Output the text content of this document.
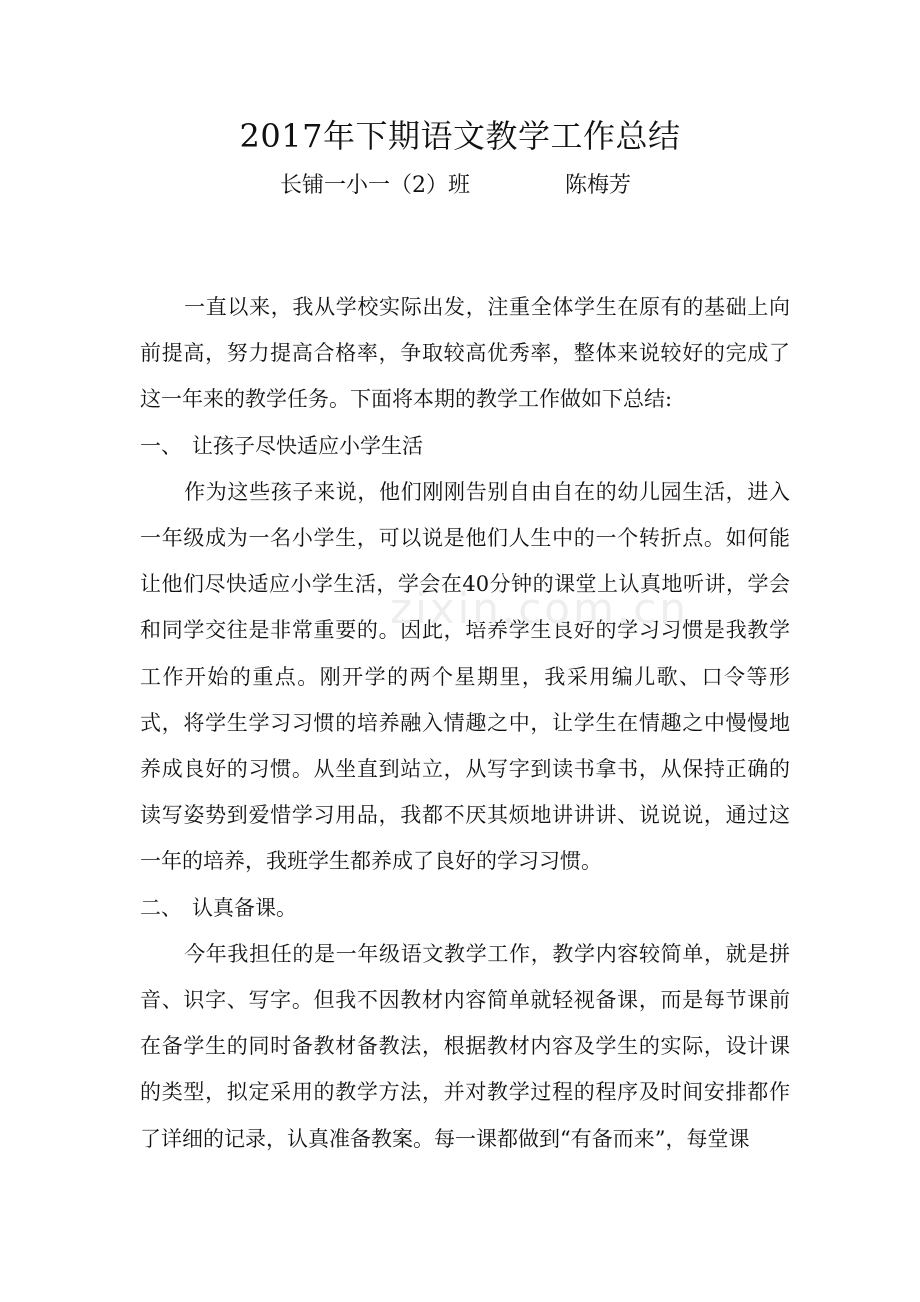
2017年下期语文教学工作总结
长铺一小一（2）班	陈梅芳

一直以来，我从学校实际出发，注重全体学生在原有的基础上向前提高，努力提高合格率，争取较高优秀率，整体来说较好的完成了这一年来的教学任务。下面将本期的教学工作做如下总结:

一、 让孩子尽快适应小学生活

作为这些孩子来说，他们刚刚告别自由自在的幼儿园生活，进入一年级成为一名小学生，可以说是他们人生中的一个转折点。如何能让他们尽快适应小学生活，学会在40分钟的课堂上认真地听讲，学会和同学交往是非常重要的。因此，培养学生良好的学习习惯是我教学工作开始的重点。刚开学的两个星期里，我采用编儿歌、口令等形式，将学生学习习惯的培养融入情趣之中，让学生在情趣之中慢慢地养成良好的习惯。从坐直到站立，从写字到读书拿书，从保持正确的读写姿势到爱惜学习用品，我都不厌其烦地讲讲讲、说说说，通过这一年的培养，我班学生都养成了良好的学习习惯。

二、 认真备课。

今年我担任的是一年级语文教学工作，教学内容较简单，就是拼音、识字、写字。但我不因教材内容简单就轻视备课，而是每节课前在备学生的同时备教材备教法，根据教材内容及学生的实际，设计课的类型，拟定采用的教学方法，并对教学过程的程序及时间安排都作了详细的记录，认真准备教案。每一课都做到“有备而来”，每堂课

zixin.com.cn
